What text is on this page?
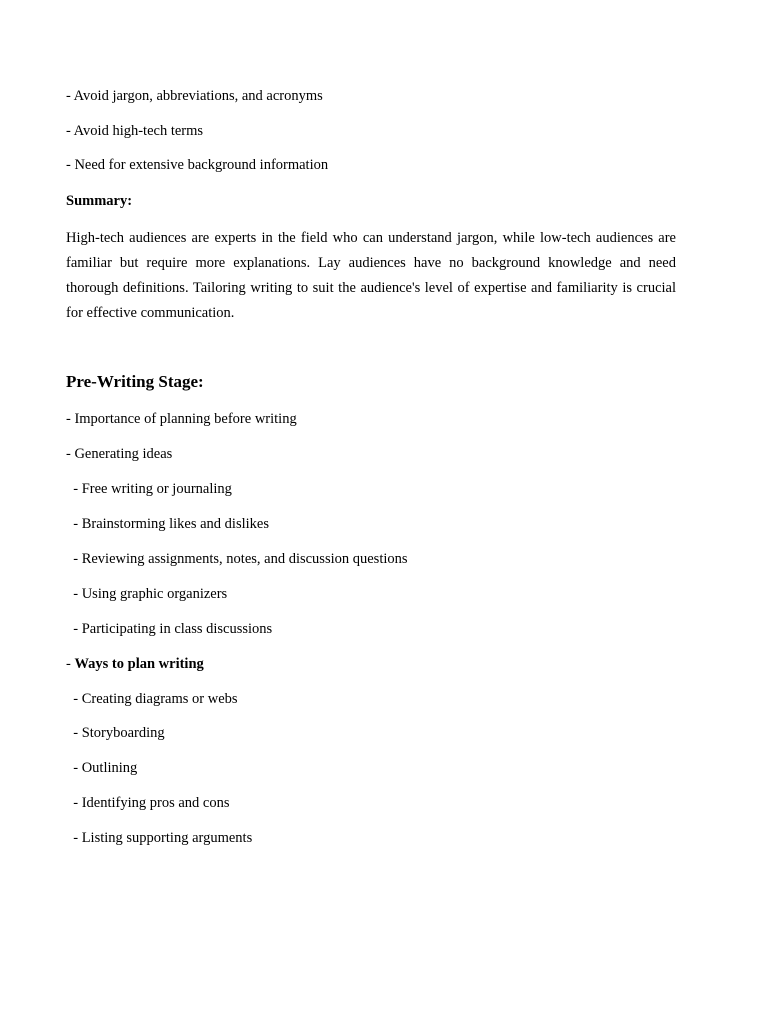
- Avoid jargon, abbreviations, and acronyms
- Avoid high-tech terms
- Need for extensive background information
Summary:
High-tech audiences are experts in the field who can understand jargon, while low-tech audiences are familiar but require more explanations. Lay audiences have no background knowledge and need thorough definitions. Tailoring writing to suit the audience's level of expertise and familiarity is crucial for effective communication.
Pre-Writing Stage:
- Importance of planning before writing
- Generating ideas
- Free writing or journaling
- Brainstorming likes and dislikes
- Reviewing assignments, notes, and discussion questions
- Using graphic organizers
- Participating in class discussions
- Ways to plan writing
- Creating diagrams or webs
- Storyboarding
- Outlining
- Identifying pros and cons
- Listing supporting arguments
